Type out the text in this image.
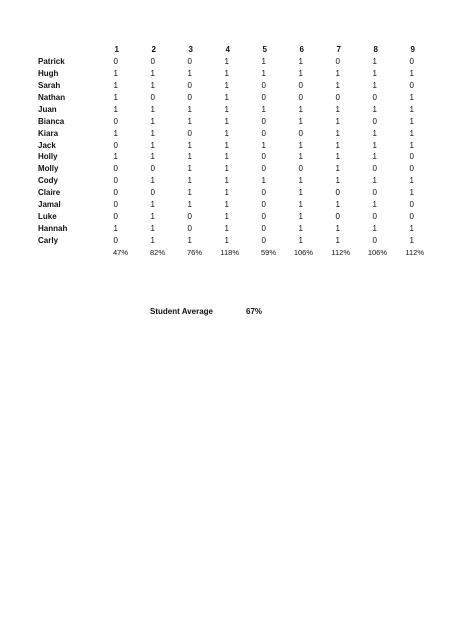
	1	2	3	4	5	6	7	8	9
Patrick	0	0	0	1	1	1	0	1	0
Hugh	1	1	1	1	1	1	1	1	1
Sarah	1	1	0	1	0	0	1	1	0
Nathan	1	0	0	1	0	0	0	0	1
Juan	1	1	1	1	1	1	1	1	1
Bianca	0	1	1	1	0	1	1	0	1
Kiara	1	1	0	1	0	0	1	1	1
Jack	0	1	1	1	1	1	1	1	1
Holly	1	1	1	1	0	1	1	1	0
Molly	0	0	1	1	0	0	1	0	0
Cody	0	1	1	1	1	1	1	1	1
Claire	0	0	1	1	0	1	0	0	1
Jamal	0	1	1	1	0	1	1	1	0
Luke	0	1	0	1	0	1	0	0	0
Hannah	1	1	0	1	0	1	1	1	1
Carly	0	1	1	1	0	1	1	0	1
	47%	82%	76%	118%	59%	106%	112%	106%	112%
Student Average	67%
